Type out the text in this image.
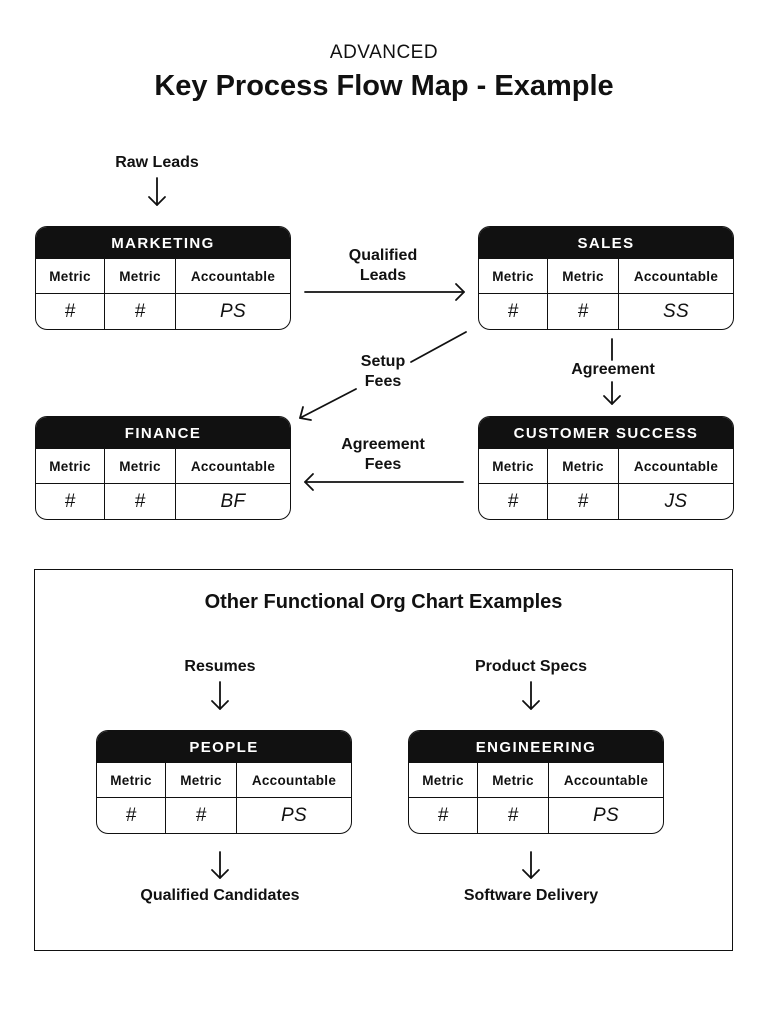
ADVANCED
Key Process Flow Map - Example
Raw Leads
Qualified
Leads
Setup
Fees
Agreement
Agreement
Fees
MARKETING
Metric	Metric	Accountable
#	#	PS
SALES
Metric	Metric	Accountable
#	#	SS
FINANCE
Metric	Metric	Accountable
#	#	BF
CUSTOMER SUCCESS
Metric	Metric	Accountable
#	#	JS
Other Functional Org Chart Examples
Resumes	Product Specs
PEOPLE
Metric	Metric	Accountable
#	#	PS
ENGINEERING
Metric	Metric	Accountable
#	#	PS
Qualified Candidates	Software Delivery
